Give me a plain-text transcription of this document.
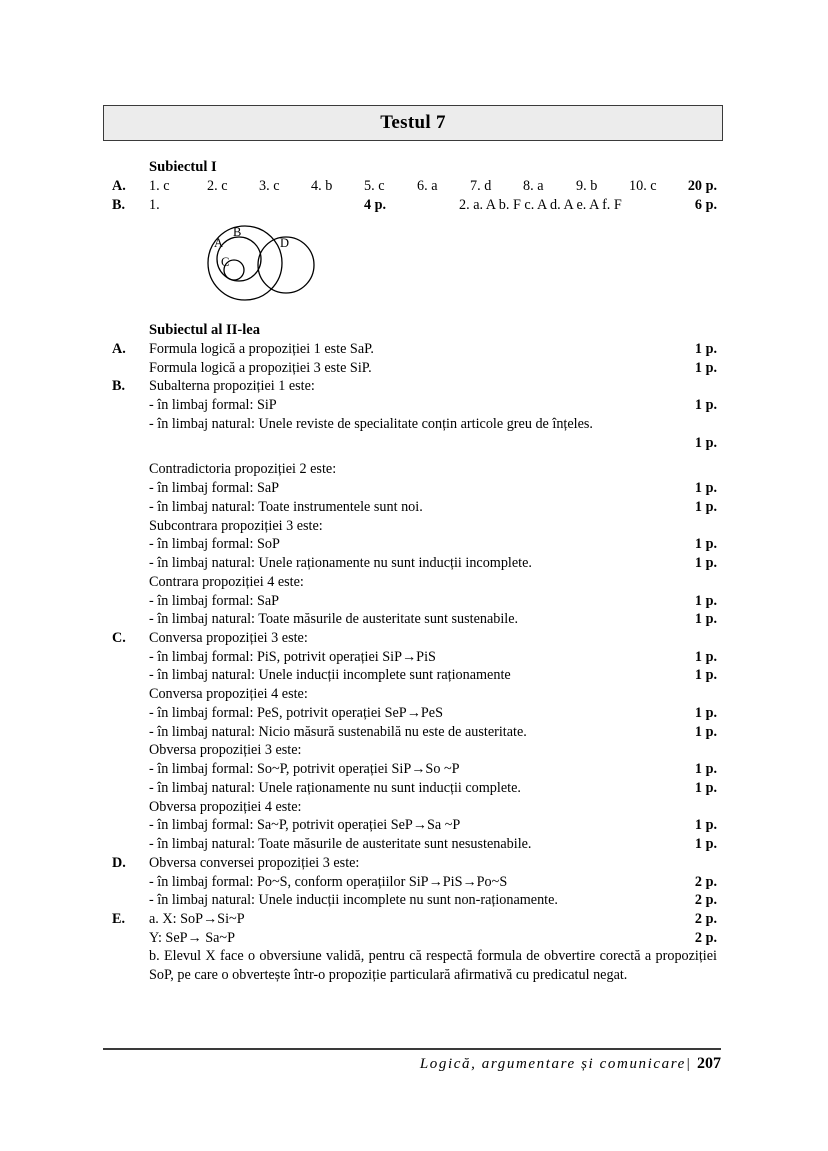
Testul 7
Subiectul I
A.	1. c	2. c	3. c	4. b	5. c	6. a	7. d	8. a	9. b	10. c	20 p.
B.	1.	4 p.	2. a. A b. F c. A d. A e. A f. F	6 p.
B
A	D
C
Subiectul al II-lea
A.	Formula logică a propoziției 1 este SaP.	1 p.
Formula logică a propoziției 3 este SiP.	1 p.
B.	Subalterna propoziției 1 este:
- în limbaj formal: SiP	1 p.
- în limbaj natural: Unele reviste de specialitate conțin articole greu de înțeles.
1 p.
Contradictoria propoziției 2 este:
- în limbaj formal: SaP	1 p.
- în limbaj natural: Toate instrumentele sunt noi.	1 p.
Subcontrara propoziției 3 este:
- în limbaj formal: SoP	1 p.
- în limbaj natural: Unele raționamente nu sunt inducții incomplete.	1 p.
Contrara propoziției 4 este:
- în limbaj formal: SaP	1 p.
- în limbaj natural: Toate măsurile de austeritate sunt sustenabile.	1 p.
C.	Conversa propoziției 3 este:
- în limbaj formal: PiS, potrivit operației SiP→PiS	1 p.
- în limbaj natural: Unele inducții incomplete sunt raționamente	1 p.
Conversa propoziției 4 este:
- în limbaj formal: PeS, potrivit operației SeP→PeS	1 p.
- în limbaj natural: Nicio măsură sustenabilă nu este de austeritate.	1 p.
Obversa propoziției 3 este:
- în limbaj formal: So~P, potrivit operației SiP→So ~P	1 p.
- în limbaj natural: Unele raționamente nu sunt inducții complete.	1 p.
Obversa propoziției 4 este:
- în limbaj formal: Sa~P, potrivit operației SeP→Sa ~P	1 p.
- în limbaj natural: Toate măsurile de austeritate sunt nesustenabile.	1 p.
D.	Obversa conversei propoziției 3 este:
- în limbaj formal: Po~S, conform operațiilor SiP→PiS→Po~S	2 p.
- în limbaj natural: Unele inducții incomplete nu sunt non-raționamente.	2 p.
E.	a. X: SoP→Si~P	2 p.
Y: SeP→ Sa~P	2 p.
b. Elevul X face o obversiune validă, pentru că respectă formula de obvertire corectă a propoziției SoP, pe care o obvertește într-o propoziție particulară afirmativă cu predicatul negat.
Logică, argumentare și comunicare| 207
